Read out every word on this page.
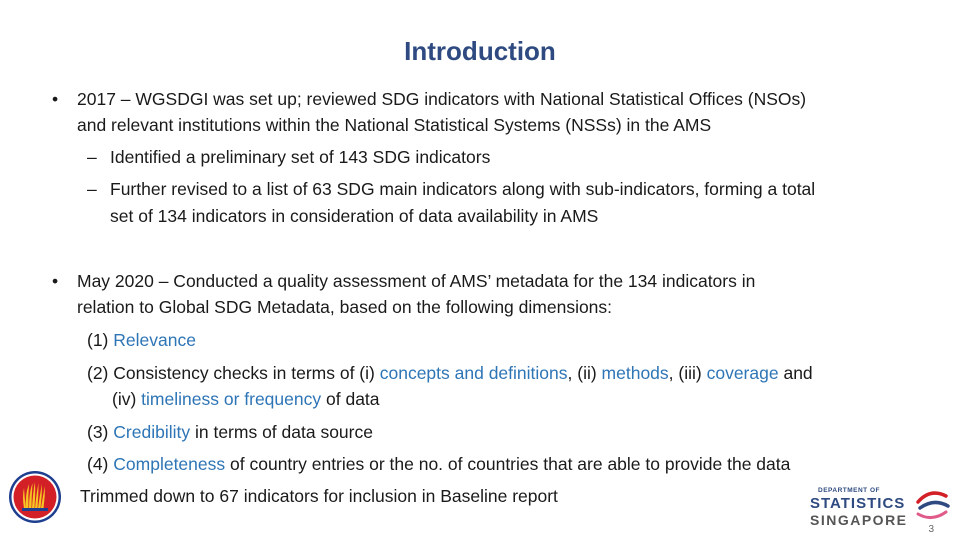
Introduction
• 2017 – WGSDGI was set up; reviewed SDG indicators with National Statistical Offices (NSOs)
and relevant institutions within the National Statistical Systems (NSSs) in the AMS
– Identified a preliminary set of 143 SDG indicators
– Further revised to a list of 63 SDG main indicators along with sub-indicators, forming a total
set of 134 indicators in consideration of data availability in AMS
• May 2020 – Conducted a quality assessment of AMS’ metadata for the 134 indicators in
relation to Global SDG Metadata, based on the following dimensions:
(1) Relevance
(2) Consistency checks in terms of (i) concepts and definitions, (ii) methods, (iii) coverage and
(iv) timeliness or frequency of data
(3) Credibility in terms of data source
(4) Completeness of country entries or the no. of countries that are able to provide the data
Trimmed down to 67 indicators for inclusion in Baseline report	DEPARTMENT OF
STATISTICS
SINGAPORE
3
